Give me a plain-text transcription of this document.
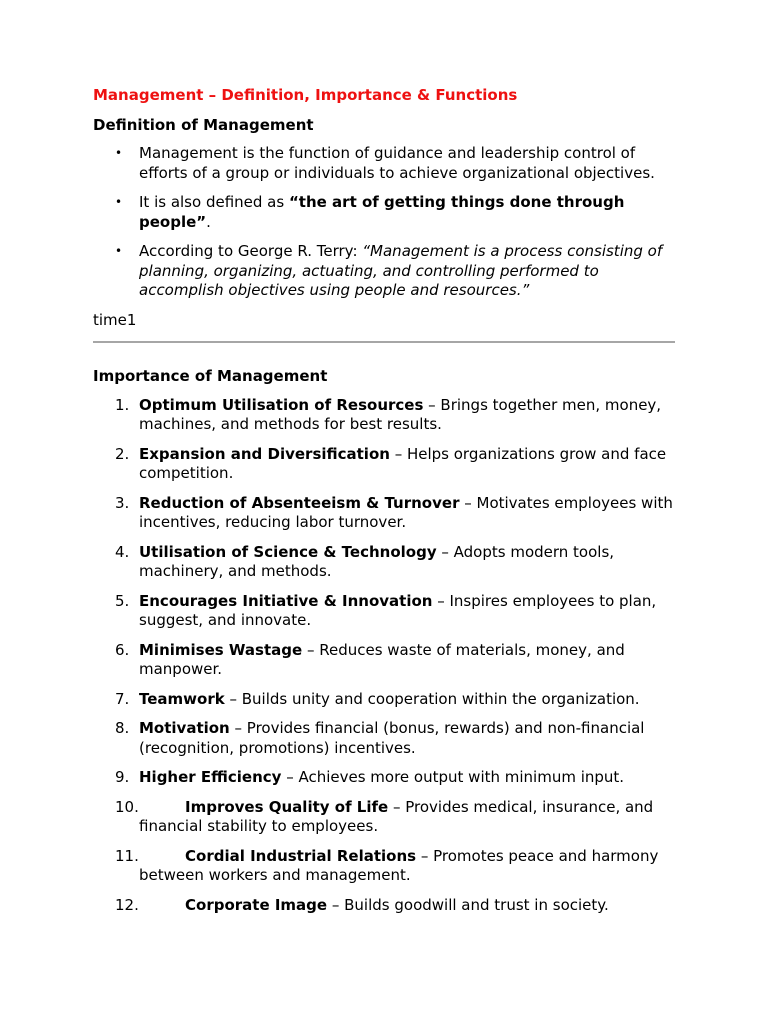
Management – Definition, Importance & Functions
Definition of Management
• Management is the function of guidance and leadership control of efforts of a group or individuals to achieve organizational objectives.
• It is also defined as “the art of getting things done through people”.
• According to George R. Terry: “Management is a process consisting of planning, organizing, actuating, and controlling performed to accomplish objectives using people and resources.”
time1
Importance of Management
1. Optimum Utilisation of Resources – Brings together men, money, machines, and methods for best results.
2. Expansion and Diversification – Helps organizations grow and face competition.
3. Reduction of Absenteeism & Turnover – Motivates employees with incentives, reducing labor turnover.
4. Utilisation of Science & Technology – Adopts modern tools, machinery, and methods.
5. Encourages Initiative & Innovation – Inspires employees to plan, suggest, and innovate.
6. Minimises Wastage – Reduces waste of materials, money, and manpower.
7. Teamwork – Builds unity and cooperation within the organization.
8. Motivation – Provides financial (bonus, rewards) and non-financial (recognition, promotions) incentives.
9. Higher Efficiency – Achieves more output with minimum input.
10.	Improves Quality of Life – Provides medical, insurance, and financial stability to employees.
11.	Cordial Industrial Relations – Promotes peace and harmony between workers and management.
12.	Corporate Image – Builds goodwill and trust in society.
